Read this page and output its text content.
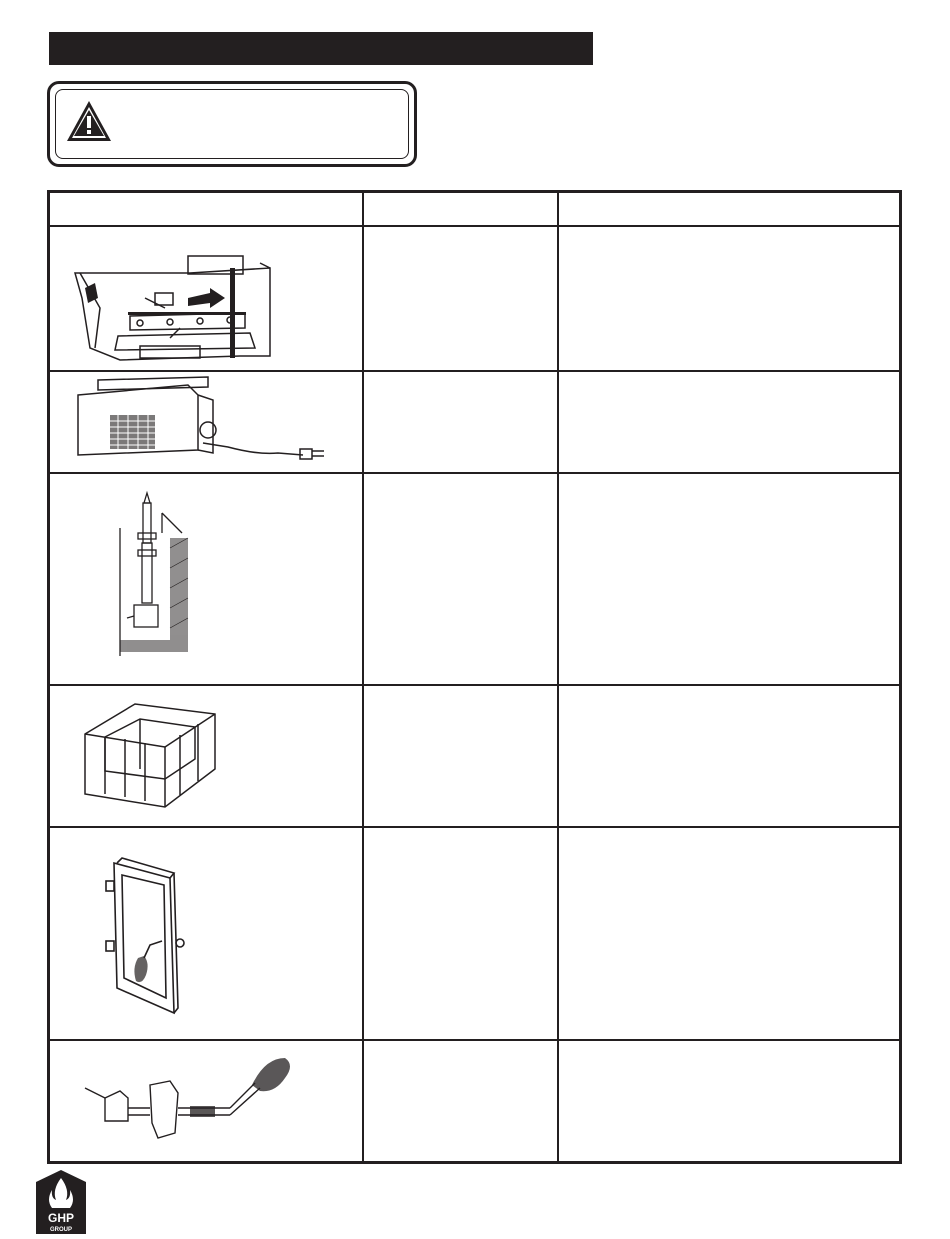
GHP
GROUP
